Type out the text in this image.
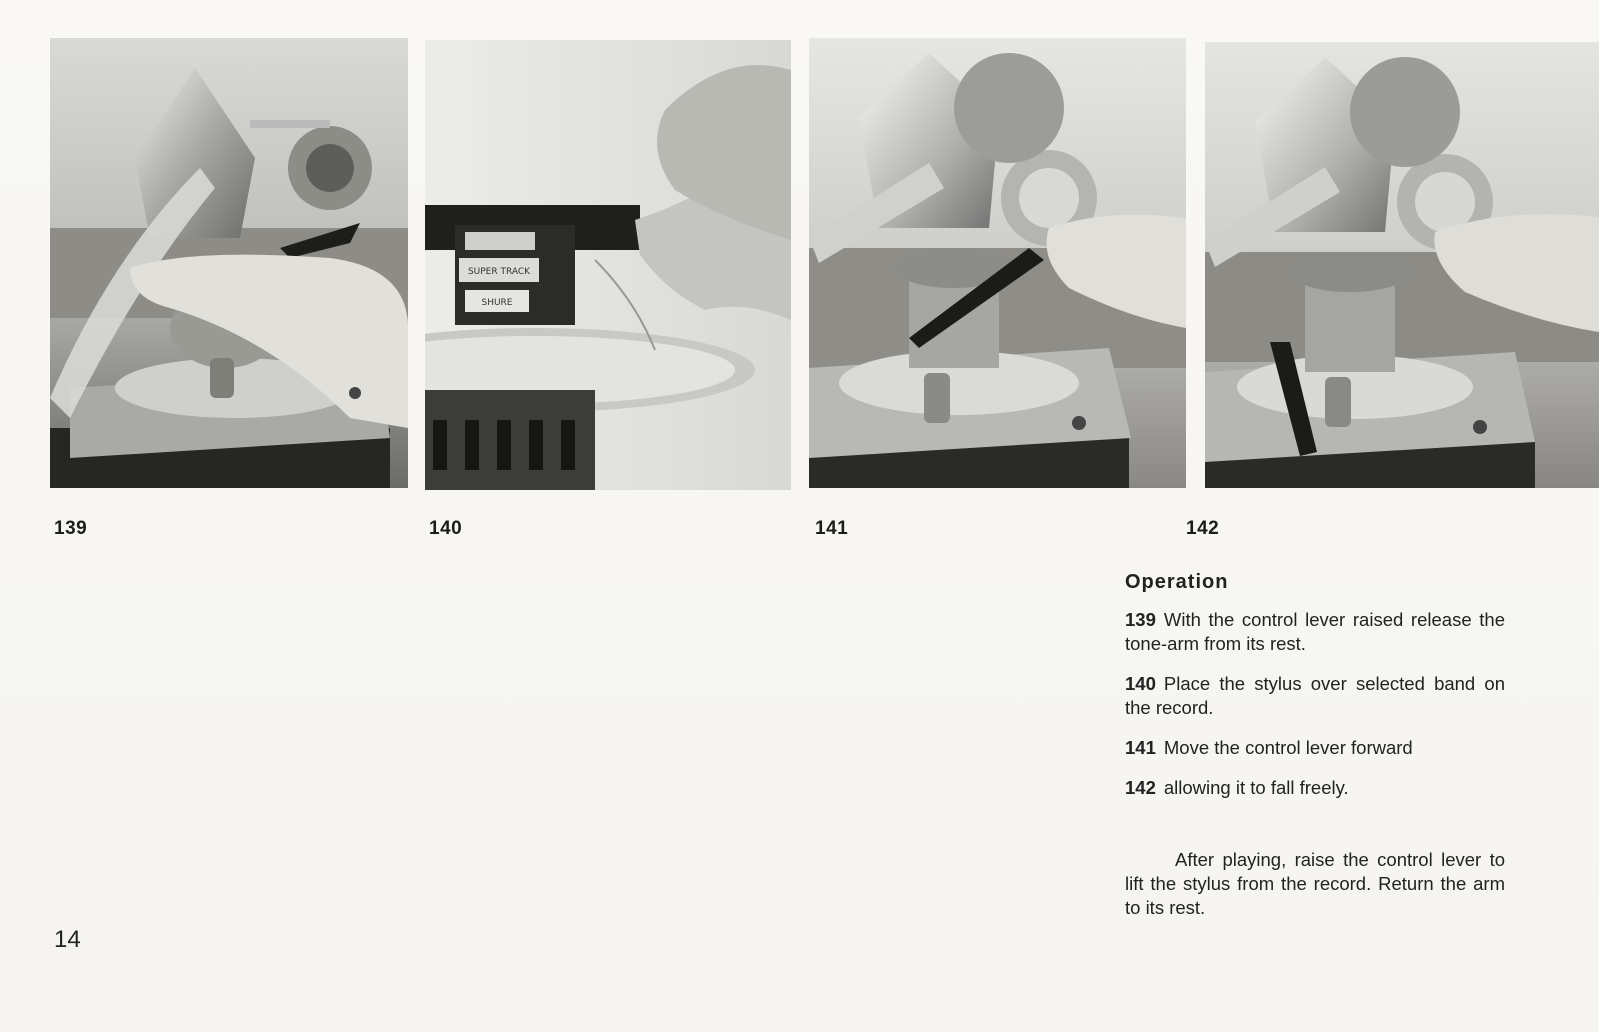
SUPER TRACK
SHURE
139	140	141	142
Operation

139 With the control lever raised release the tone-arm from its rest.

140 Place the stylus over selected band on the record.

141 Move the control lever forward

142 allowing it to fall freely.

After playing, raise the control lever to lift the stylus from the record. Return the arm to its rest.

14
